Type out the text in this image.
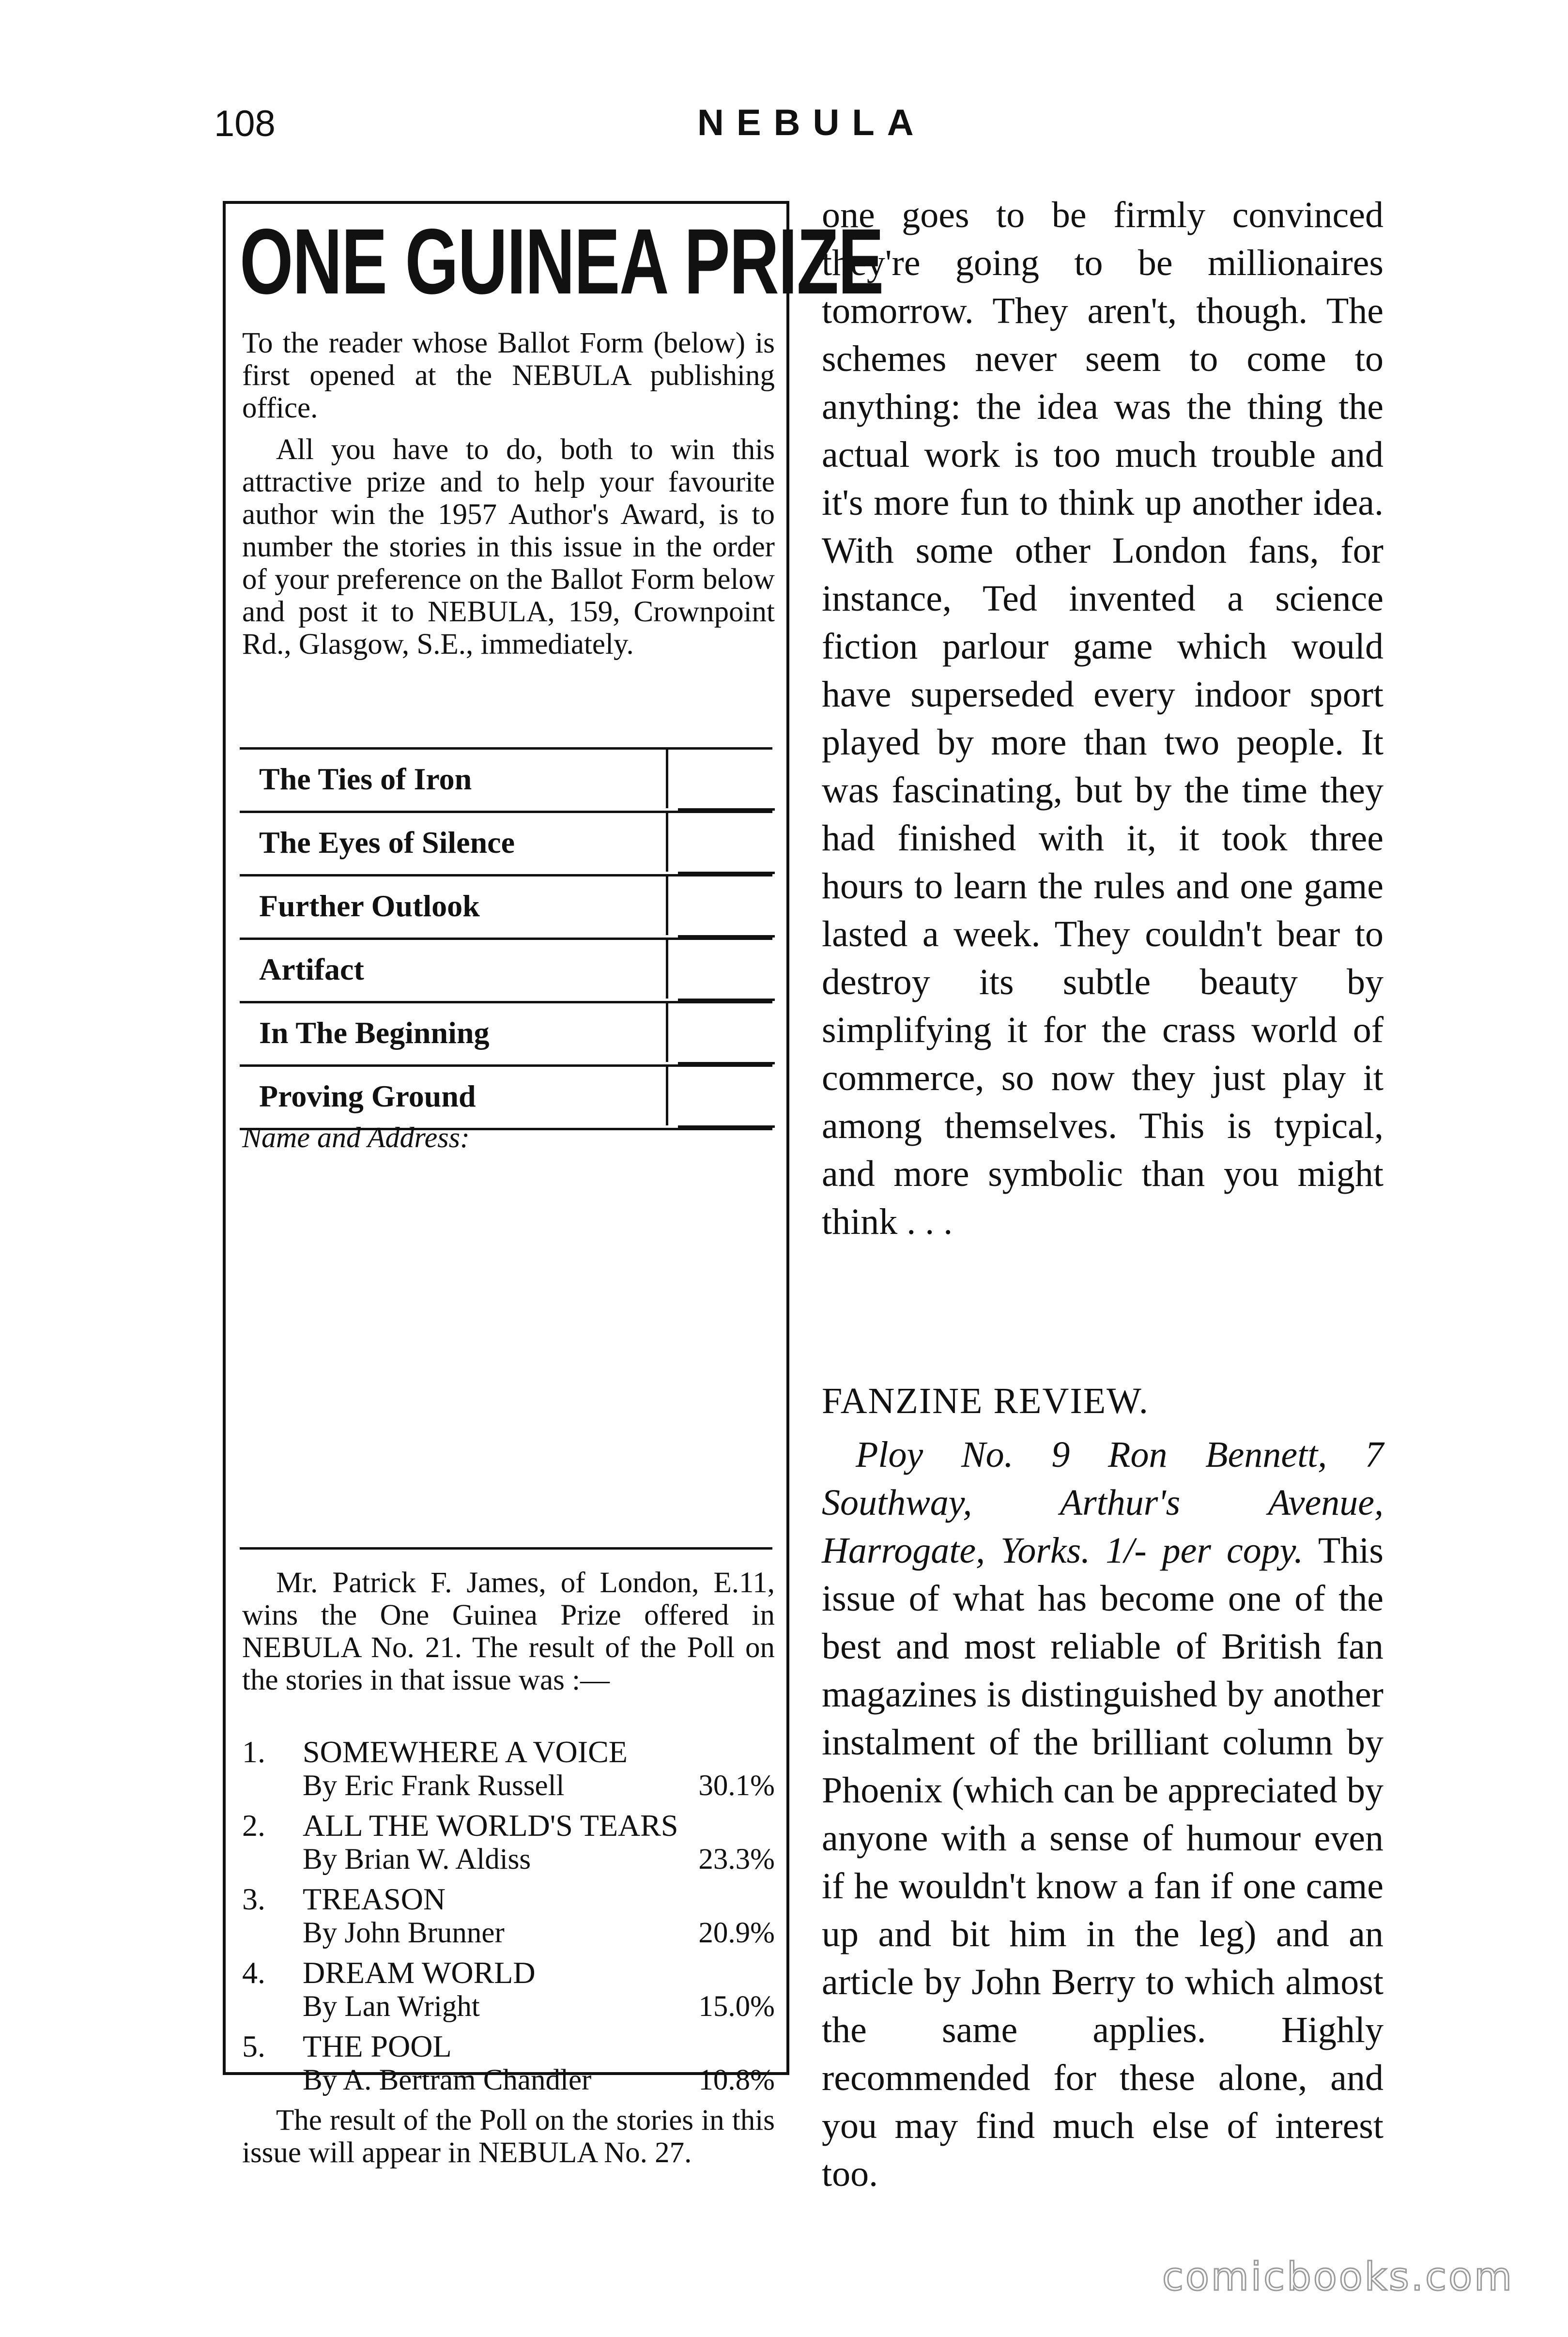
108	NEBULA
ONE GUINEA PRIZE
To the reader whose Ballot Form (below) is first opened at the NEBULA publishing office.
All you have to do, both to win this attractive prize and to help your favourite author win the 1957 Author's Award, is to number the stories in this issue in the order of your preference on the Ballot Form below and post it to NEBULA, 159, Crownpoint Rd., Glasgow, S.E., immediately.
The Ties of Iron
The Eyes of Silence
Further Outlook
Artifact
In The Beginning
Proving Ground
Name and Address:
Mr. Patrick F. James, of London, E.11, wins the One Guinea Prize offered in NEBULA No. 21. The result of the Poll on the stories in that issue was :—
1. SOMEWHERE A VOICE
By Eric Frank Russell	30.1%
2. ALL THE WORLD'S TEARS
By Brian W. Aldiss	23.3%
3. TREASON
By John Brunner	20.9%
4. DREAM WORLD
By Lan Wright	15.0%
5. THE POOL
By A. Bertram Chandler	10.8%
The result of the Poll on the stories in this issue will appear in NEBULA No. 27.

one goes to be firmly convinced they're going to be millionaires tomorrow. They aren't, though. The schemes never seem to come to anything: the idea was the thing the actual work is too much trouble and it's more fun to think up another idea. With some other London fans, for instance, Ted invented a science fiction parlour game which would have superseded every indoor sport played by more than two people. It was fascinating, but by the time they had finished with it, it took three hours to learn the rules and one game lasted a week. They couldn't bear to destroy its subtle beauty by simplifying it for the crass world of commerce, so now they just play it among themselves. This is typical, and more symbolic than you might think . . .

FANZINE REVIEW.
Ploy No. 9 Ron Bennett, 7 Southway, Arthur's Avenue, Harrogate, Yorks. 1/- per copy. This issue of what has become one of the best and most reliable of British fan magazines is distinguished by another instalment of the brilliant column by Phoenix (which can be appreciated by anyone with a sense of humour even if he wouldn't know a fan if one came up and bit him in the leg) and an article by John Berry to which almost the same applies. Highly recommended for these alone, and you may find much else of interest too.
comicbooks.com
